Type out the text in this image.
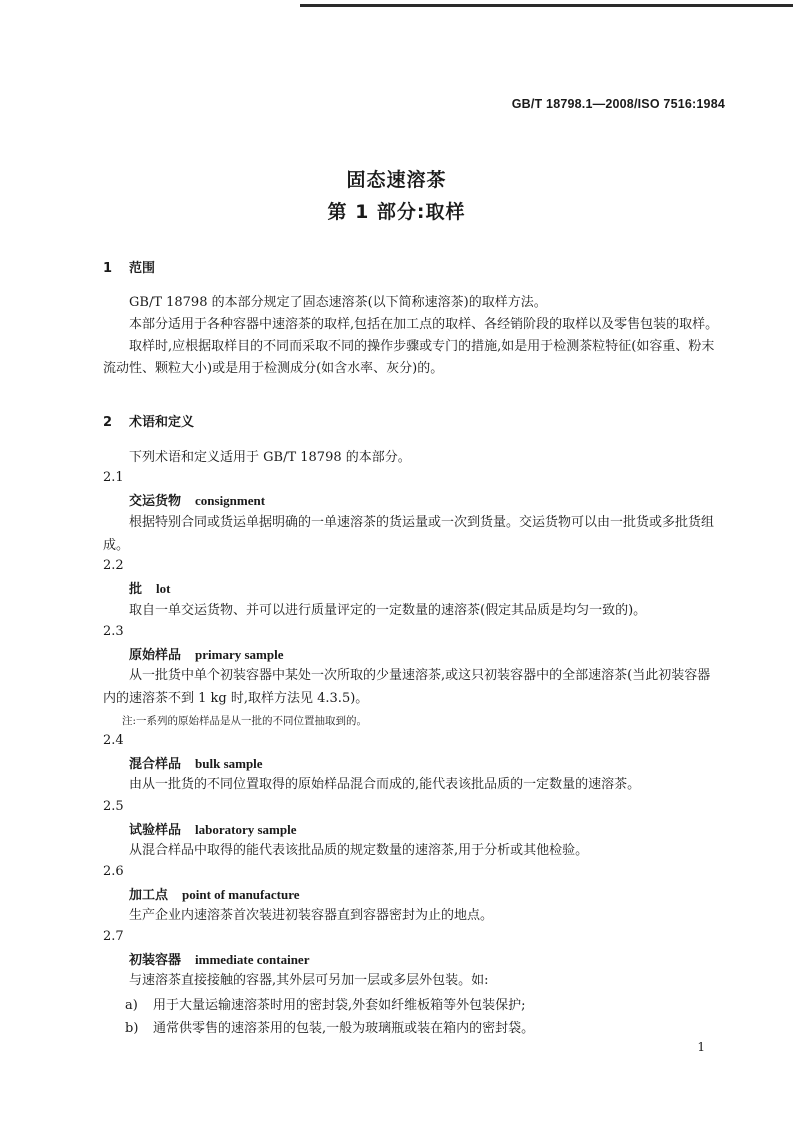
GB/T 18798.1—2008/ISO 7516:1984
固态速溶茶
第 1 部分:取样
1 范围

GB/T 18798 的本部分规定了固态速溶茶(以下简称速溶茶)的取样方法。

本部分适用于各种容器中速溶茶的取样,包括在加工点的取样、各经销阶段的取样以及零售包装的取样。

取样时,应根据取样目的不同而采取不同的操作步骤或专门的措施,如是用于检测茶粒特征(如容重、粉末流动性、颗粒大小)或是用于检测成分(如含水率、灰分)的。

2 术语和定义

下列术语和定义适用于 GB/T 18798 的本部分。

2.1
交运货物 consignment

根据特别合同或货运单据明确的一单速溶茶的货运量或一次到货量。交运货物可以由一批货或多批货组成。

2.2
批 lot

取自一单交运货物、并可以进行质量评定的一定数量的速溶茶(假定其品质是均匀一致的)。

2.3
原始样品 primary sample

从一批货中单个初装容器中某处一次所取的少量速溶茶,或这只初装容器中的全部速溶茶(当此初装容器内的速溶茶不到 1 kg 时,取样方法见 4.3.5)。

注:一系列的原始样品是从一批的不同位置抽取到的。
2.4
混合样品 bulk sample

由从一批货的不同位置取得的原始样品混合而成的,能代表该批品质的一定数量的速溶茶。

2.5
试验样品 laboratory sample

从混合样品中取得的能代表该批品质的规定数量的速溶茶,用于分析或其他检验。

2.6
加工点 point of manufacture

生产企业内速溶茶首次装进初装容器直到容器密封为止的地点。

2.7
初装容器 immediate container

与速溶茶直接接触的容器,其外层可另加一层或多层外包装。如:

a) 用于大量运输速溶茶时用的密封袋,外套如纤维板箱等外包装保护;
b) 通常供零售的速溶茶用的包装,一般为玻璃瓶或装在箱内的密封袋。
1
